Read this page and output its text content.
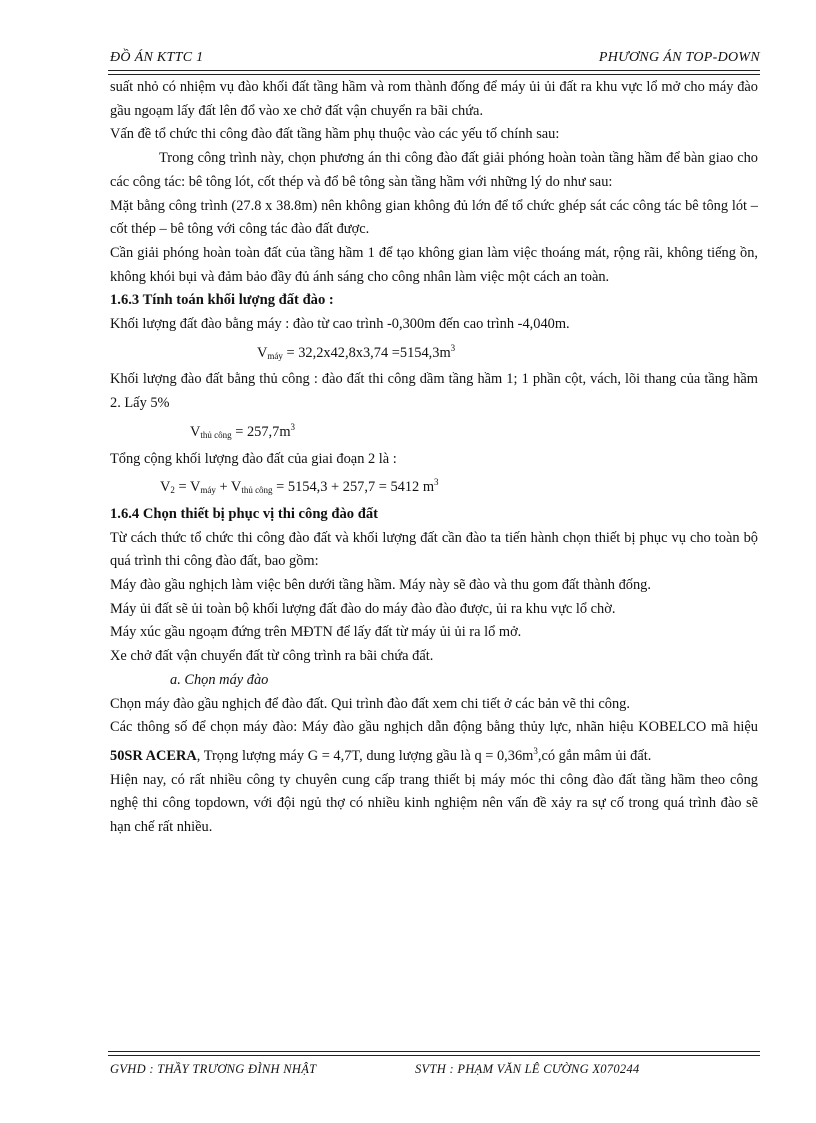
ĐỒ ÁN KTTC 1	PHƯƠNG ÁN TOP-DOWN

suất nhỏ có nhiệm vụ đào khối đất tầng hầm và rom thành đống để máy ủi ủi đất ra khu vực lổ mở cho máy đào gầu ngoạm lấy đất lên đổ vào xe chở đất vận chuyển ra bãi chứa.

Vấn đề tổ chức thi công đào đất tầng hầm phụ thuộc vào các yếu tố chính sau:

Trong công trình này, chọn phương án thi công đào đất giải phóng hoàn toàn tầng hầm để bàn giao cho các công tác: bê tông lót, cốt thép và đổ bê tông sàn tầng hầm với những lý do như sau:

Mặt bằng công trình (27.8 x 38.8m) nên không gian không đủ lớn để tổ chức ghép sát các công tác bê tông lót – cốt thép – bê tông với công tác đào đất được.

Cần giải phóng hoàn toàn đất của tầng hầm 1 để tạo không gian làm việc thoáng mát, rộng rãi, không tiếng ồn, không khói bụi và đảm bảo đầy đủ ánh sáng cho công nhân làm việc một cách an toàn.

1.6.3 Tính toán khối lượng đất đào :

Khối lượng đất đào bằng máy : đào từ cao trình -0,300m đến cao trình -4,040m.

$V_{máy} = 32,2x42,8x3,74 =5154,3m^3$

Khối lượng đào đất bằng thủ công : đào đất thi công dầm tầng hầm 1; 1 phần cột, vách, lõi thang của tầng hầm 2. Lấy 5%

$V_{thủ công} = 257,7m^3$

Tổng cộng khối lượng đào đất của giai đoạn 2 là :

$V_2 = V_{máy} + V_{thủ công} = 5154,3 + 257,7 = 5412$ $m^3$

1.6.4 Chọn thiết bị phục vị thi công đào đất

Từ cách thức tổ chức thi công đào đất và khối lượng đất cần đào ta tiến hành chọn thiết bị phục vụ cho toàn bộ quá trình thi công đào đất, bao gồm:

Máy đào gầu nghịch làm việc bên dưới tầng hầm. Máy này sẽ đào và thu gom đất thành đống.

Máy ủi đất sẽ ủi toàn bộ khối lượng đất đào do máy đào đào được, ủi ra khu vực lổ chờ.

Máy xúc gầu ngoạm đứng trên MĐTN để lấy đất từ máy ủi ủi ra lổ mở.

Xe chở đất vận chuyển đất từ công trình ra bãi chứa đất.

a. Chọn máy đào

Chọn máy đào gầu nghịch để đào đất. Qui trình đào đất xem chi tiết ở các bản vẽ thi công.

Các thông số để chọn máy đào: Máy đào gầu nghịch dẫn động bằng thủy lực, nhãn hiệu KOBELCO mã hiệu 50SR ACERA, Trọng lượng máy G = 4,7T, dung lượng gầu là $q = 0,36m^3,có$ gắn mâm ủi đất.

Hiện nay, có rất nhiều công ty chuyên cung cấp trang thiết bị máy móc thi công đào đất tầng hầm theo công nghệ thi công topdown, với đội ngủ thợ có nhiều kinh nghiệm nên vấn đề xảy ra sự cố trong quá trình đào sẽ hạn chế rất nhiều.

GVHD : THẦY TRƯƠNG ĐÌNH NHẬT	SVTH : PHẠM VĂN LÊ CƯỜNG X070244
